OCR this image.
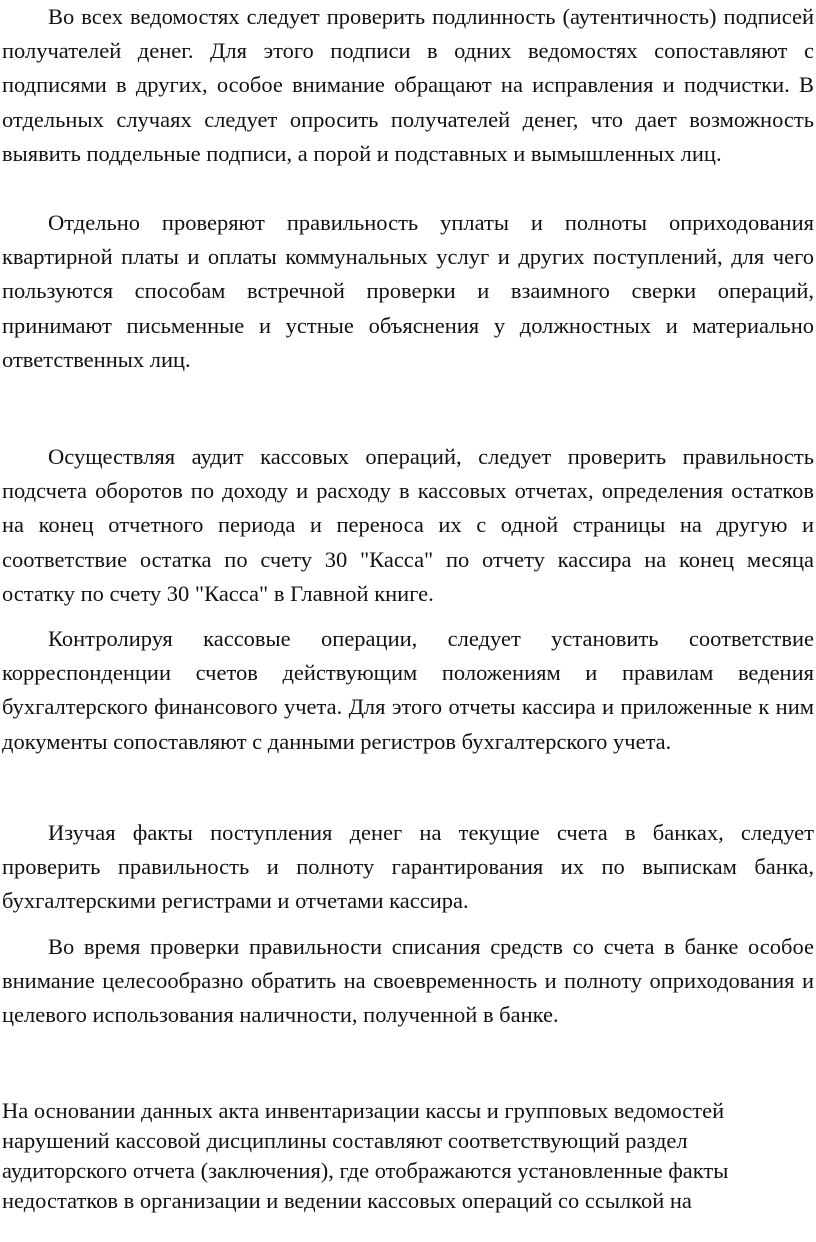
Во всех ведомостях следует проверить подлинность (аутентичность) подписей получателей денег. Для этого подписи в одних ведомостях сопоставляют с подписями в других, особое внимание обращают на исправления и подчистки. В отдельных случаях следует опросить получателей денег, что дает возможность выявить поддельные подписи, а порой и подставных и вымышленных лиц.

Отдельно проверяют правильность уплаты и полноты оприходования квартирной платы и оплаты коммунальных услуг и других поступлений, для чего пользуются способам встречной проверки и взаимного сверки операций, принимают письменные и устные объяснения у должностных и материально ответственных лиц.

Осуществляя аудит кассовых операций, следует проверить правильность подсчета оборотов по доходу и расходу в кассовых отчетах, определения остатков на конец отчетного периода и переноса их с одной страницы на другую и соответствие остатка по счету 30 "Касса" по отчету кассира на конец месяца остатку по счету 30 "Касса" в Главной книге.

Контролируя кассовые операции, следует установить соответствие корреспонденции счетов действующим положениям и правилам ведения бухгалтерского финансового учета. Для этого отчеты кассира и приложенные к ним документы сопоставляют с данными регистров бухгалтерского учета.

Изучая факты поступления денег на текущие счета в банках, следует проверить правильность и полноту гарантирования их по выпискам банка, бухгалтерскими регистрами и отчетами кассира.

Во время проверки правильности списания средств со счета в банке особое внимание целесообразно обратить на своевременность и полноту оприходования и целевого использования наличности, полученной в банке.

На основании данных акта инвентаризации кассы и групповых ведомостей нарушений кассовой дисциплины составляют соответствующий раздел аудиторского отчета (заключения), где отображаются установленные факты недостатков в организации и ведении кассовых операций со ссылкой на
